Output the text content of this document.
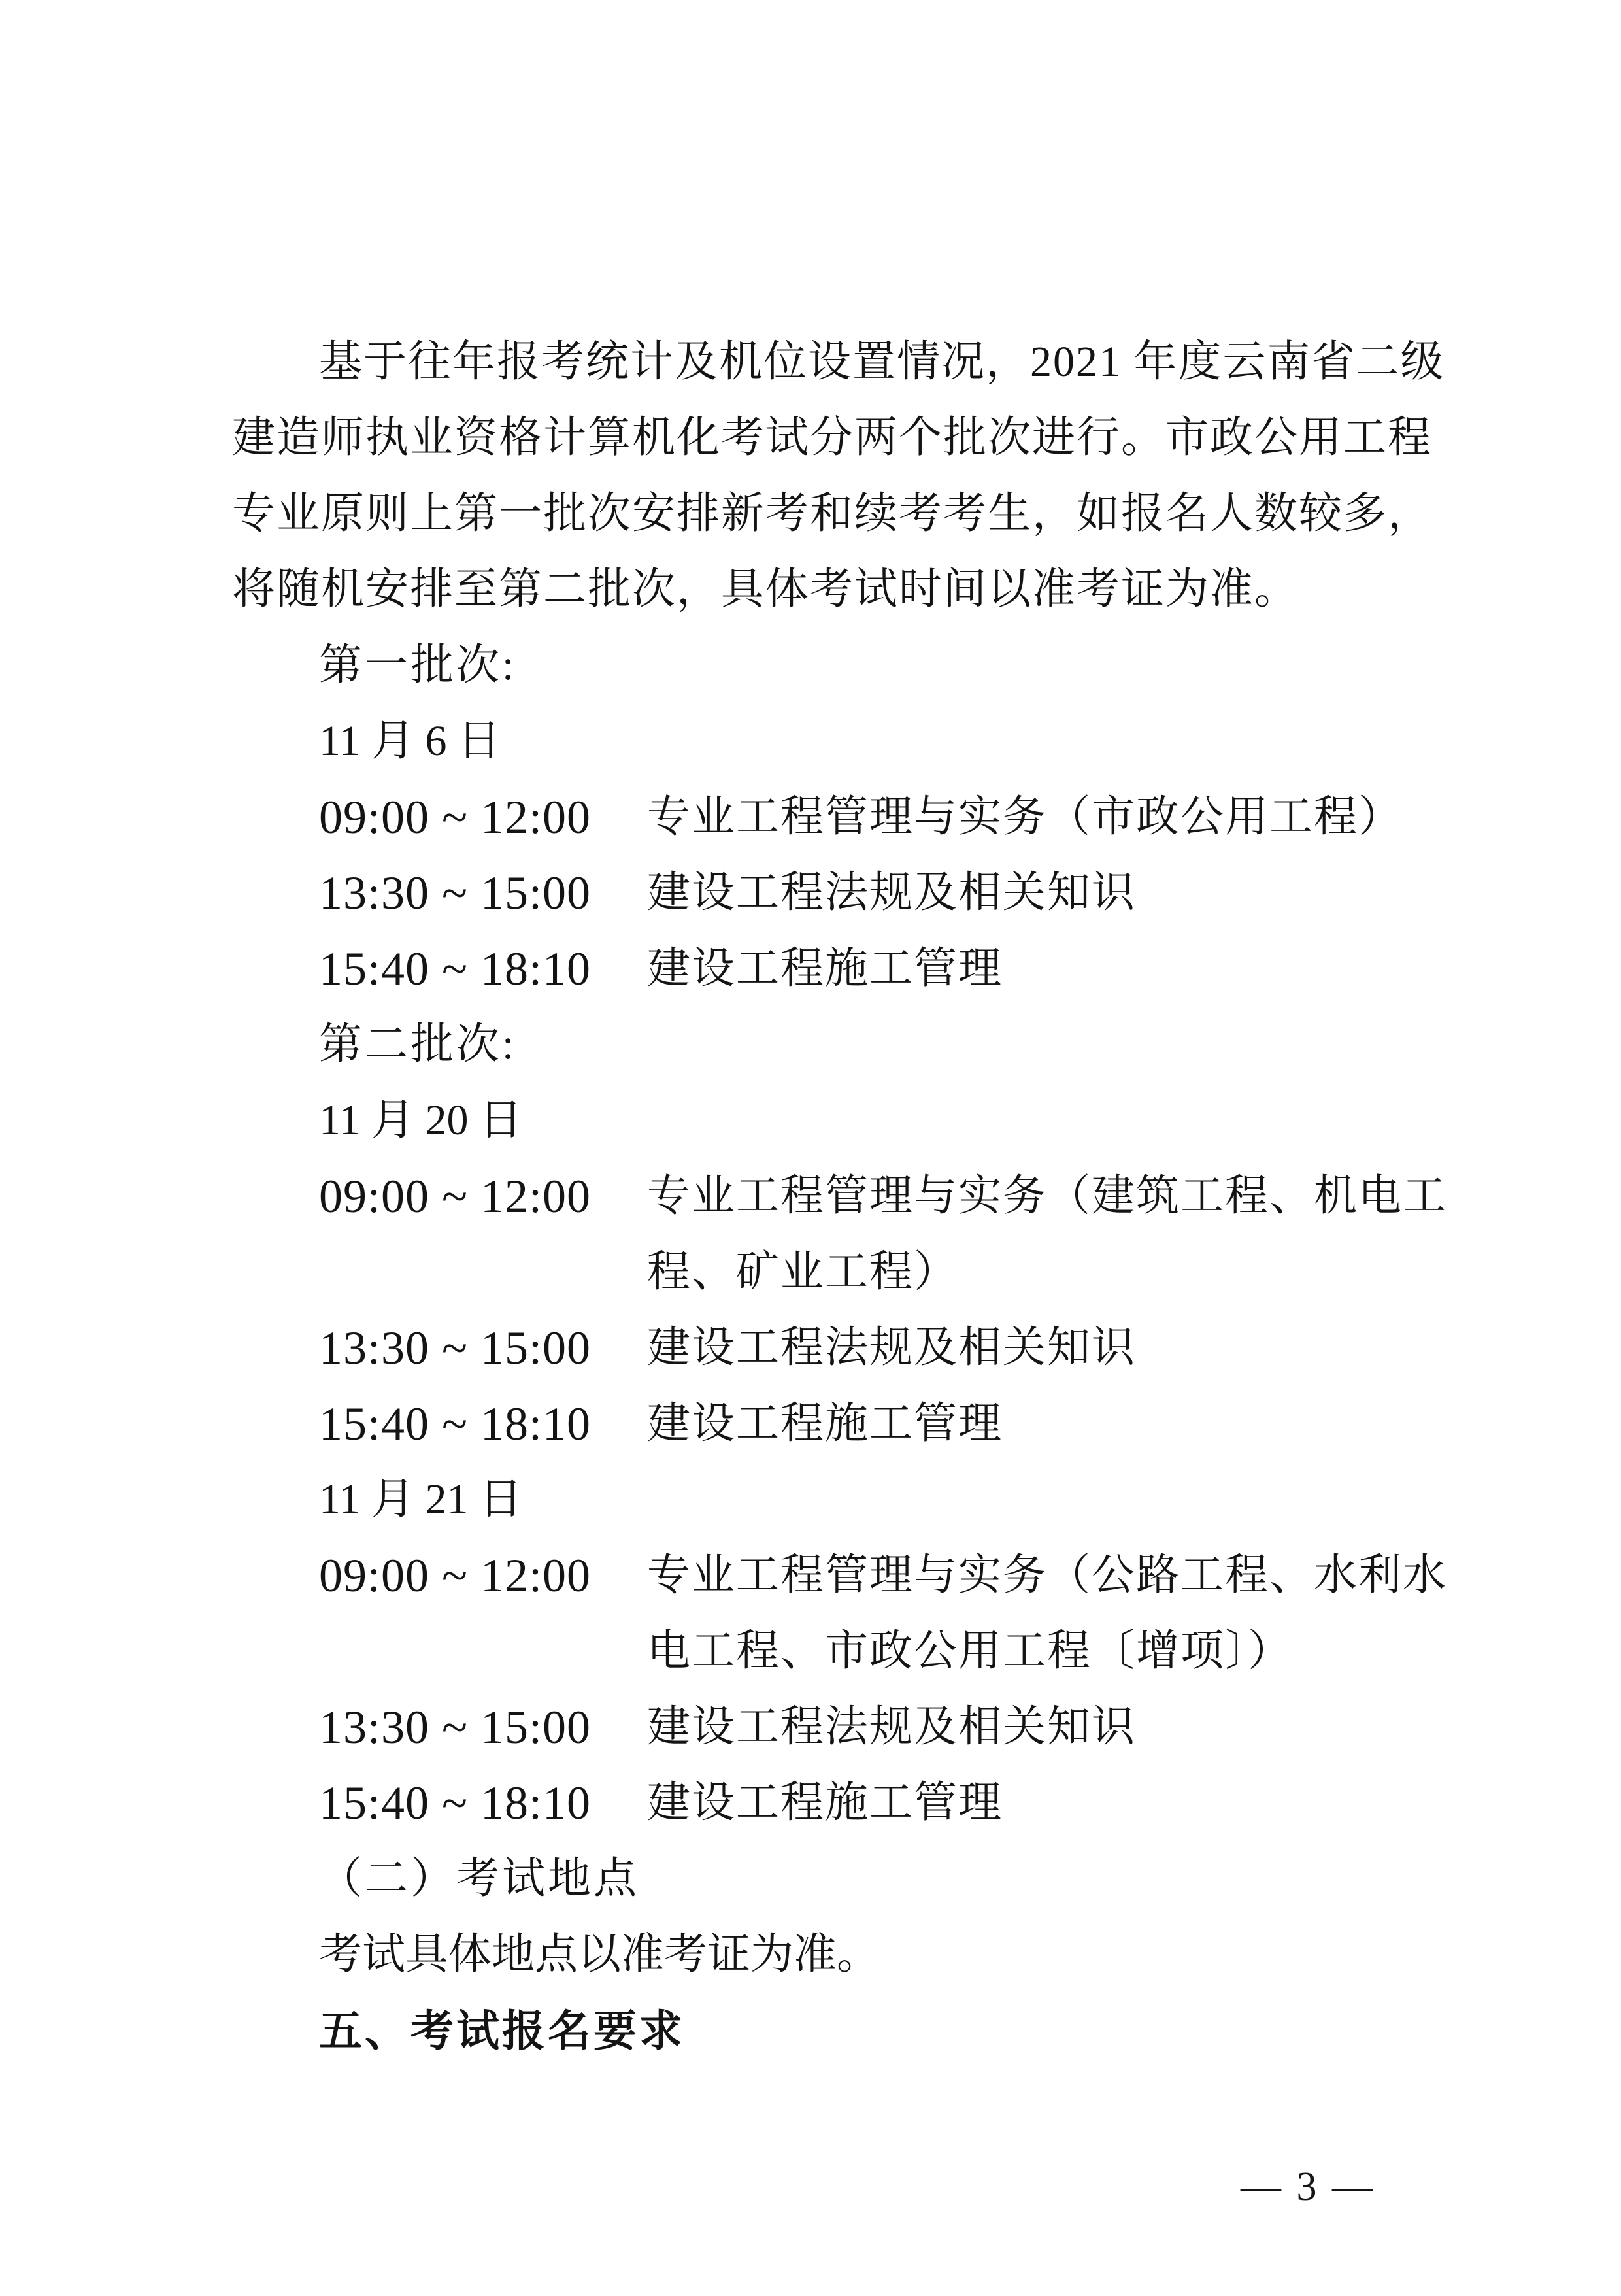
基于往年报考统计及机位设置情况，2021 年度云南省二级
建造师执业资格计算机化考试分两个批次进行。市政公用工程
专业原则上第一批次安排新考和续考考生，如报名人数较多，
将随机安排至第二批次，具体考试时间以准考证为准。
第一批次:
11 月 6 日
09:00 ~ 12:00	专业工程管理与实务（市政公用工程）
13:30 ~ 15:00	建设工程法规及相关知识
15:40 ~ 18:10	建设工程施工管理
第二批次:
11 月 20 日
09:00 ~ 12:00	专业工程管理与实务（建筑工程、机电工
程、矿业工程）
13:30 ~ 15:00	建设工程法规及相关知识
15:40 ~ 18:10	建设工程施工管理
11 月 21 日
09:00 ~ 12:00	专业工程管理与实务（公路工程、水利水
电工程、市政公用工程〔增项〕）
13:30 ~ 15:00	建设工程法规及相关知识
15:40 ~ 18:10	建设工程施工管理
（二）考试地点
考试具体地点以准考证为准。
五、考试报名要求
— 3 —
